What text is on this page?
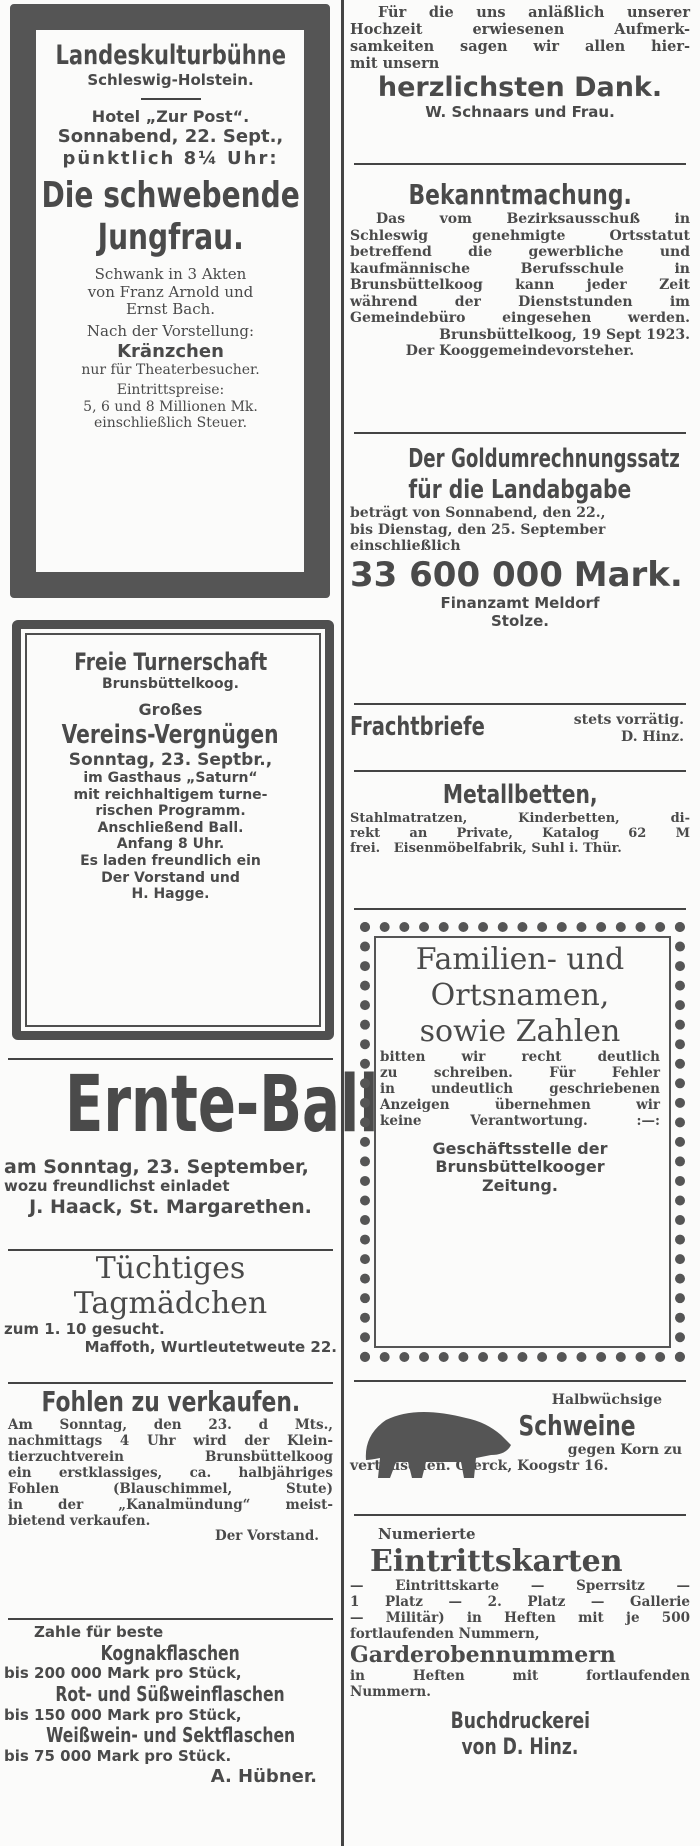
Landeskulturbühne

Schleswig-Holstein.

Hotel „Zur Post“.

Sonnabend, 22. Sept.,

pünktlich 8¼ Uhr:

Die schwebende

Jungfrau.

Schwank in 3 Akten

von Franz Arnold und

Ernst Bach.

Nach der Vorstellung:

Kränzchen

nur für Theaterbesucher.

Eintrittspreise:

5, 6 und 8 Millionen Mk.

einschließlich Steuer.

Freie Turnerschaft

Brunsbüttelkoog.

Großes

Vereins-Vergnügen

Sonntag, 23. Septbr.,

im Gasthaus „Saturn“

mit reichhaltigem turne-

rischen Programm.

Anschließend Ball.

Anfang 8 Uhr.

Es laden freundlich ein

Der Vorstand und

H. Hagge.

Ernte-Ball

am Sonntag, 23. September,

wozu freundlichst einladet

J. Haack, St. Margarethen.

Tüchtiges

Tagmädchen

zum 1. 10 gesucht.

Maffoth, Wurtleutetweute 22.

Fohlen zu verkaufen.

Am Sonntag, den 23. d Mts.,

nachmittags 4 Uhr wird der Klein-

tierzuchtverein Brunsbüttelkoog

ein erstklassiges, ca. halbjähriges

Fohlen (Blauschimmel, Stute)

in der „Kanalmündung“ meist-

bietend verkaufen.

Der Vorstand.

Zahle für beste

Kognakflaschen

bis 200 000 Mark pro Stück,

Rot- und Süßweinflaschen

bis 150 000 Mark pro Stück,

Weißwein- und Sektflaschen

bis 75 000 Mark pro Stück.

A. Hübner.

Für die uns anläßlich unserer

Hochzeit erwiesenen Aufmerk-

samkeiten sagen wir allen hier-

mit unsern

herzlichsten Dank.

W. Schnaars und Frau.

Bekanntmachung.

Das vom Bezirksausschuß in

Schleswig genehmigte Ortsstatut

betreffend die gewerbliche und

kaufmännische Berufsschule in

Brunsbüttelkoog kann jeder Zeit

während der Dienststunden im

Gemeindebüro eingesehen werden.

Brunsbüttelkoog, 19 Sept 1923.

Der Kooggemeindevorsteher.

Der Goldumrechnungssatz

für die Landabgabe

beträgt von Sonnabend, den 22.,

bis Dienstag, den 25. September

einschließlich

33 600 000 Mark.

Finanzamt Meldorf

Stolze.

Frachtbriefe	stets vorrätig.

D. Hinz.

Metallbetten,

Stahlmatratzen, Kinderbetten, di-

rekt an Private, Katalog 62 M

frei. Eisenmöbelfabrik, Suhl i. Thür.

Familien- und

Ortsnamen,

sowie Zahlen

bitten wir recht deutlich

zu schreiben. Für Fehler

in undeutlich geschriebenen

Anzeigen übernehmen wir

keine Verantwortung. :—:

Geschäftsstelle der

Brunsbüttelkooger

Zeitung.

Halbwüchsige

Schweine

gegen Korn zu

vertauschen. Gierck, Koogstr 16.

Numerierte

Eintrittskarten

— Eintrittskarte — Sperrsitz —

1 Platz — 2. Platz — Gallerie

— Militär) in Heften mit je 500

fortlaufenden Nummern,

Garderobennummern

in Heften mit fortlaufenden

Nummern.

Buchdruckerei

von D. Hinz.
